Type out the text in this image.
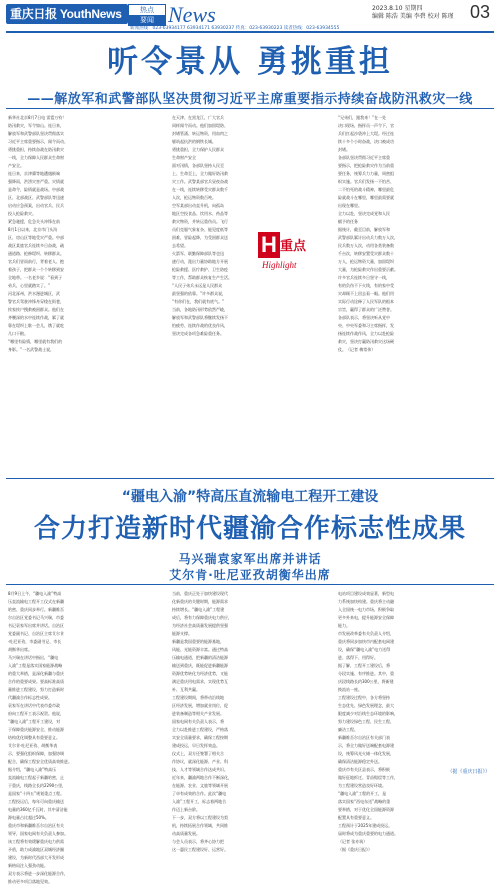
重庆日报 YouthNews	热点
要闻 News	2023.8.10 星期四
编辑 陈浩 美编 李碧 校对 陈瑾 03
新闻热线：023-63934177 63934171 63930237 传真：023-63930223 读者热线：023-63934555
听令景从 勇挑重担
——解放军和武警部队坚决贯彻习近平主席重要指示持续奋战防汛救灾一线
新华社北京8月7日电 雷霆万钧！
防汛救灾，军令如山。连日来，
解放军和武警部队坚决贯彻落实
习近平主席重要指示，闻令而动、
勇挑重担，持续奋战在防汛救灾
一线，全力保障人民群众生命财
产安全。
连日来，京津冀等地遭遇极端
强降雨，洪涝灾害严重。灾情就
是命令，险情就是战场。中部战
区、北部战区、武警部队等迅速
启动应急预案，出动官兵、民兵
投入抢险救灾。
紧急驰援，危急关头冲锋在前
8月1日以来，北京市门头沟
区、房山区等地受灾严重。中部
战区某旅官兵连续多日奋战，疏
通道路、抢修堤坝、转移群众。
官兵们冒雨前行，背着老人、抱
着孩子，把群众一个个转移到安
全地带。一名老乡说：“看到子
弟兵，心里就踏实了。”
河北涿州，洪水漫进城区，武
警官兵驾驶冲锋舟穿梭在街巷，
挨家挨户搜救被困群众。他们在
齐腰深的水中连续作战，累了就
靠在堤坝上歇一会儿，饿了就吃
几口干粮。
“哪里有险情，哪里就有我们的
身影。”一名武警战士说，
在天津、在黑龙江，广大官兵
同样闻令而动。他们加固堤防、
封堵管涌、转运物资，用血肉之
躯筑起抗洪的钢铁长城。
勇挑重担，全力保护人民群众
生命财产安全
面对汛情，各部队坚持人民至
上、生命至上，全力做好防汛救
灾工作。武警某部官兵昼夜奋战
在一线，连续转移受灾群众数千
人次，抢运物资数百吨。
空军某部出动直升机，向孤岛
地区空投食品、饮用水、药品等
救灾物资，并转运重伤员。飞行
员们克服气象复杂、能见度低等
困难，冒险起降，为受困群众送
去希望。
火箭军、联勤保障部队等也迅
速行动，派出力量协助地方开展
抢险救援、医疗救护、卫生防疫
等工作，帮助群众恢复生产生活。
“人民子弟兵永远是人民群众
最坚强的依靠。”许多群众说，
“有你们在，我们就有底气。”
当前，各地防汛形势依然严峻，
解放军和武警部队将继续发扬不
怕疲劳、连续作战的优良作风，
坚决完成各项急难险重任务。
“兄弟们，跟我来！”在一处
决口现场，指挥员一声令下，官
兵们扛起沙袋冲上大堤。经过连
续十多个小时奋战，决口被成功
封堵。
各部队坚决贯彻习近平主席重
要指示，把抢险救灾作为当前重
要任务，统筹兵力力量，周密组
织实施。官兵们发扬一不怕苦、
二不怕死的战斗精神，哪里最危
险就战斗在哪里，哪里最需要就
出现在哪里。
全力以赴，坚决完成党和人民
赋予的任务
据统计，截至目前，解放军和
武警部队累计出动兵力数万人次，
民兵数万人次，动用各类装备数
千台次，转移安置受灾群众数十
万人，抢运物资大量，加固堤坝
大量，为抢险救灾作出重要贡献。
许多官兵连续多日坚守一线，
有的负伤不下火线，有的家中受
灾却顾不上回去看一眼。他们用
实际行动诠释了人民军队的根本
宗旨，赢得了群众的广泛赞誉。
各部队表示，将坚决听从党中
央、中央军委和习主席指挥，发
扬连续作战作风，全力以赴抢险
救灾，坚决打赢防汛救灾这场硬
仗。（记者 梅常伟）
H 重点
Highlight
“疆电入渝”特高压直流输电工程开工建设
合力打造新时代疆渝合作标志性成果
马兴瑞袁家军出席并讲话
艾尔肯·吐尼亚孜胡衡华出席
8月9日上午，“疆电入渝”特高
压直流输电工程开工仪式在新疆
哈密、重庆同步举行。新疆维吾
尔自治区党委书记马兴瑞，市委
书记袁家军出席并讲话。自治区
党委副书记、自治区主席艾尔肯
·吐尼亚孜，市委副书记、市长
胡衡华出席。
马兴瑞在讲话中指出，“疆电
入渝”工程是落实国家能源战略
的重大举措，是深化新疆与重庆
合作的重要成果。要高标准高质
量推进工程建设，努力打造新时
代疆渝合作标志性成果。
袁家军在讲话中代表市委市政
府向工程开工表示祝贺。他说，
“疆电入渝”工程开工建设，对
于保障重庆能源安全、推动能源
结构优化调整具有重要意义。
艾尔肯·吐尼亚孜、胡衡华表
示，要强化组织保障，加强协调
配合，确保工程安全优质高效推进。
据介绍，“疆电入渝”特高压
直流输电工程起于新疆哈密，止
于重庆，线路全长约2290公里，
是国家“十四五”规划重点工程。
工程投运后，每年可向重庆输送
电量约360亿千瓦时，其中清洁能
源电量占比超过50%。
重庆市和新疆维吾尔自治区有关
领导，国家电网有关负责人参加。
该工程将有效缓解重庆电力供需
矛盾，助力成渝地区双城经济圈
建设，为新时代西部大开发形成
新格局注入强劲动能。
双方表示将进一步深化能源合作，
推动更多项目落地见效。
当前，重庆正处于加快建设现代
化新重庆的关键时期，能源需求
持续增长。“疆电入渝”工程建
成后，将有力保障重庆电力供应，
为经济社会高质量发展提供坚强
能源支撑。
新疆是我国重要的能源基地，
风能、光能资源丰富。通过特高
压输电通道，把新疆的清洁能源
输送到重庆，既能促进新疆能源
资源优势转化为经济优势，又能
满足重庆用电需求，实现优势互
补、互利共赢。
工程建设期间，将带动沿线地
区经济发展，增加就业岗位，促
进装备制造等相关产业发展。
国家电网有关负责人表示，将
全力以赴推进工程建设，严格落
实安全质量要求，确保工程按期
建成投运，早日发挥效益。
仪式上，双方还签署了相关合
作协议，就深化能源、产业、科
技、人才等领域合作达成共识。
近年来，疆渝两地合作不断深化，
在能源、农业、文旅等领域开展
了卓有成效的合作。此次“疆电
入渝”工程开工，标志着两地合
作迈上新台阶。
下一步，双方将以工程建设为契
机，持续拓展合作领域，共同推
动高质量发展。
与会人员表示，将齐心协力把
这一惠民工程建设好、运营好。
电站项目建设成效显著，新型电
力系统加快构建。重庆将主动融
入全国统一电力市场，积极争取
更多外来电，提升能源安全保障
能力。
市发展改革委有关负责人介绍，
重庆将同步加快市内配套电网建
设，确保“疆电入渝”电力送得
进、落得下、用得好。
据了解，工程开工建设后，将
分段实施、有序推进。其中，重
庆段线路长约300公里，将新建
换流站一座。
工程建设过程中，各方将坚持
生态优先、绿色发展理念，最大
限度减少对沿线生态环境的影响，
努力建设绿色工程、民生工程、
廉洁工程。
新疆维吾尔自治区有关部门表
示，将全力做好送端配套电源建
设，统筹风光火储一体化发展，
确保清洁能源稳定外送。
重庆市有关区县表示，将积极
做好征地拆迁、青苗赔偿等工作，
为工程建设营造良好环境。
“疆电入渝”工程的开工，是
落实国家“西电东送”战略的重
要举措，对于优化全国能源资源
配置具有重要意义。
工程预计于2025年建成投运。
届时将成为重庆重要的电力通道。
（记者 张亦筑）
（据《重庆日报》）
（据《重庆日报》）
